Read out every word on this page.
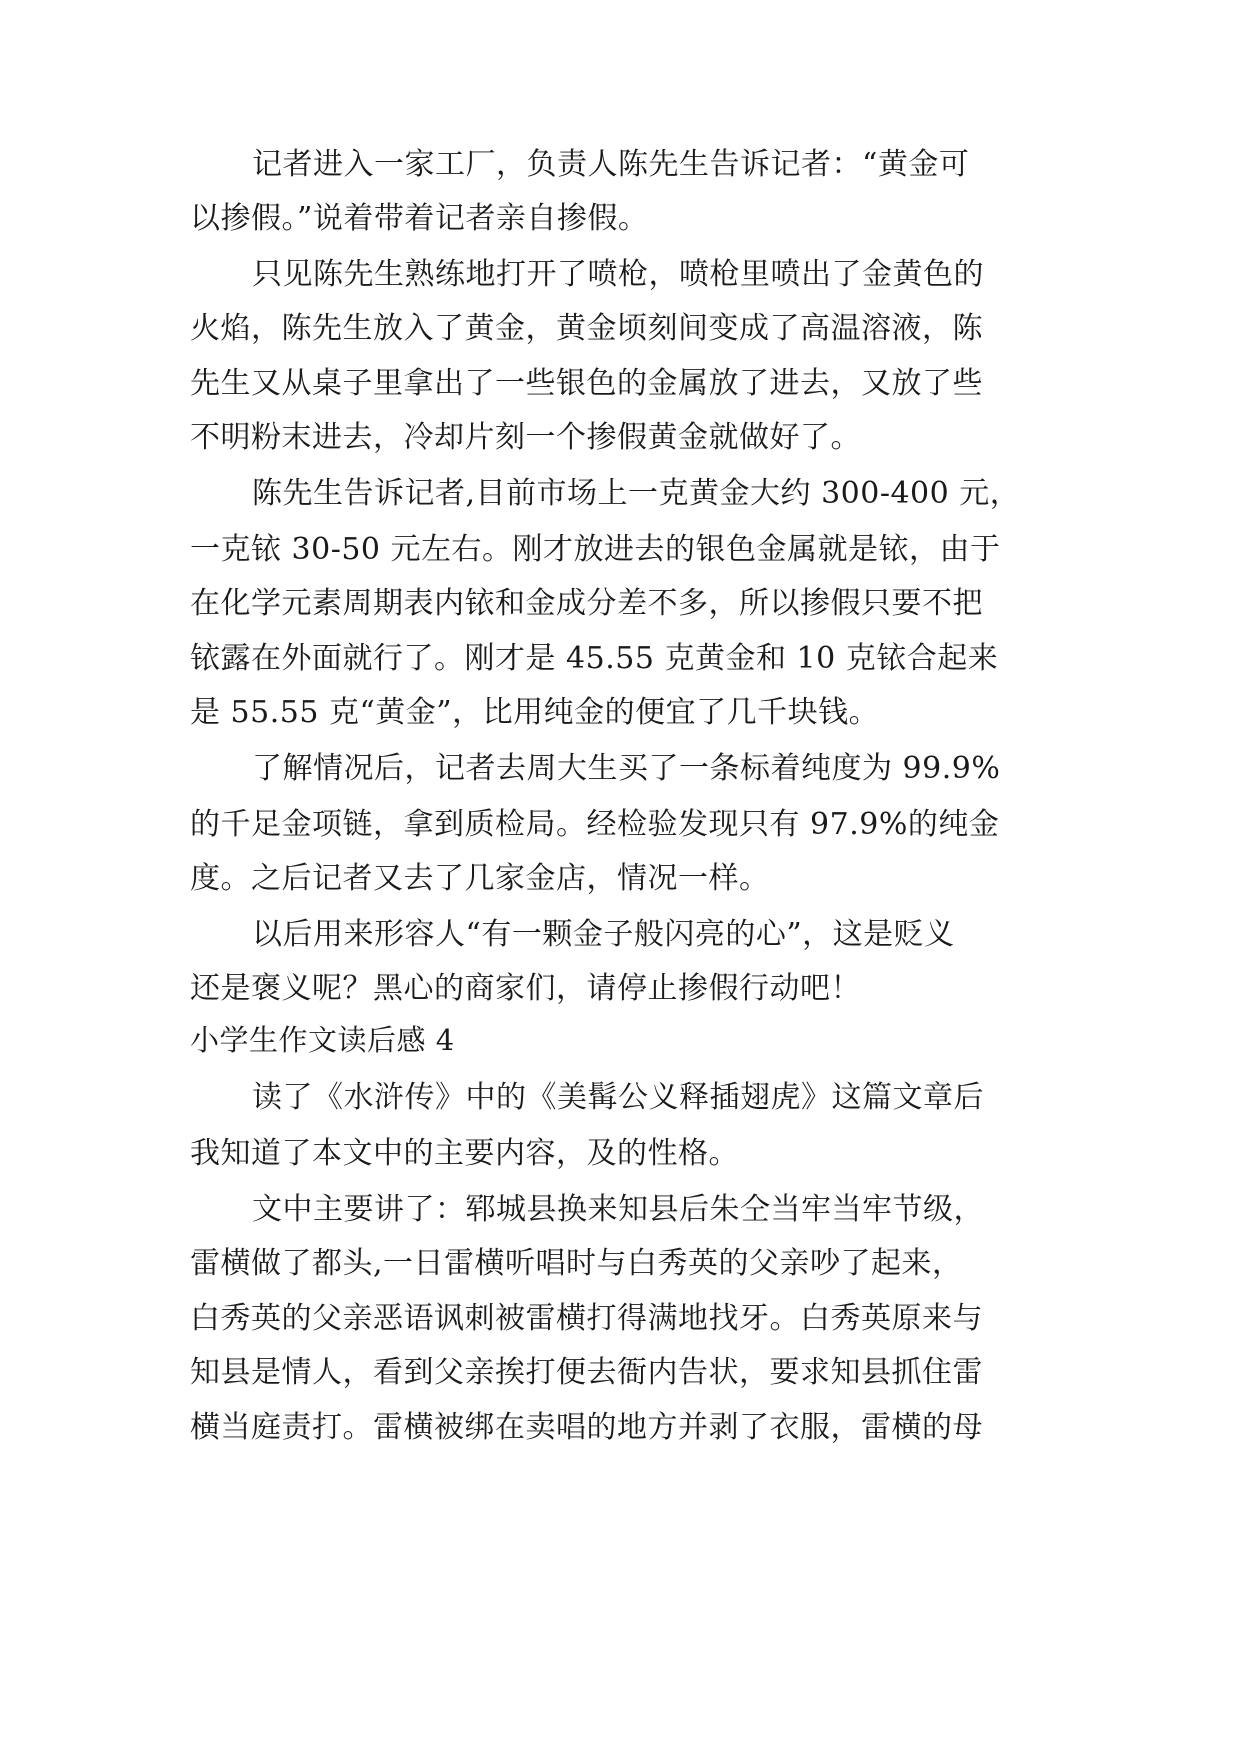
记者进入一家工厂，负责人陈先生告诉记者：“黄金可
以掺假。”说着带着记者亲自掺假。
只见陈先生熟练地打开了喷枪，喷枪里喷出了金黄色的
火焰，陈先生放入了黄金，黄金顷刻间变成了高温溶液，陈
先生又从桌子里拿出了一些银色的金属放了进去，又放了些
不明粉末进去，冷却片刻一个掺假黄金就做好了。
陈先生告诉记者,目前市场上一克黄金大约 300-400 元，
一克铱 30-50 元左右。刚才放进去的银色金属就是铱，由于
在化学元素周期表内铱和金成分差不多，所以掺假只要不把
铱露在外面就行了。刚才是 45.55 克黄金和 10 克铱合起来
是 55.55 克“黄金”，比用纯金的便宜了几千块钱。
了解情况后，记者去周大生买了一条标着纯度为 99.9%
的千足金项链，拿到质检局。经检验发现只有 97.9%的纯金
度。之后记者又去了几家金店，情况一样。
以后用来形容人“有一颗金子般闪亮的心”，这是贬义
还是褒义呢？黑心的商家们，请停止掺假行动吧！
小学生作文读后感 4
读了《水浒传》中的《美髯公义释插翅虎》这篇文章后
我知道了本文中的主要内容，及的性格。
文中主要讲了：郓城县换来知县后朱仝当牢当牢节级，
雷横做了都头,一日雷横听唱时与白秀英的父亲吵了起来，
白秀英的父亲恶语讽刺被雷横打得满地找牙。白秀英原来与
知县是情人，看到父亲挨打便去衙内告状，要求知县抓住雷
横当庭责打。雷横被绑在卖唱的地方并剥了衣服，雷横的母
